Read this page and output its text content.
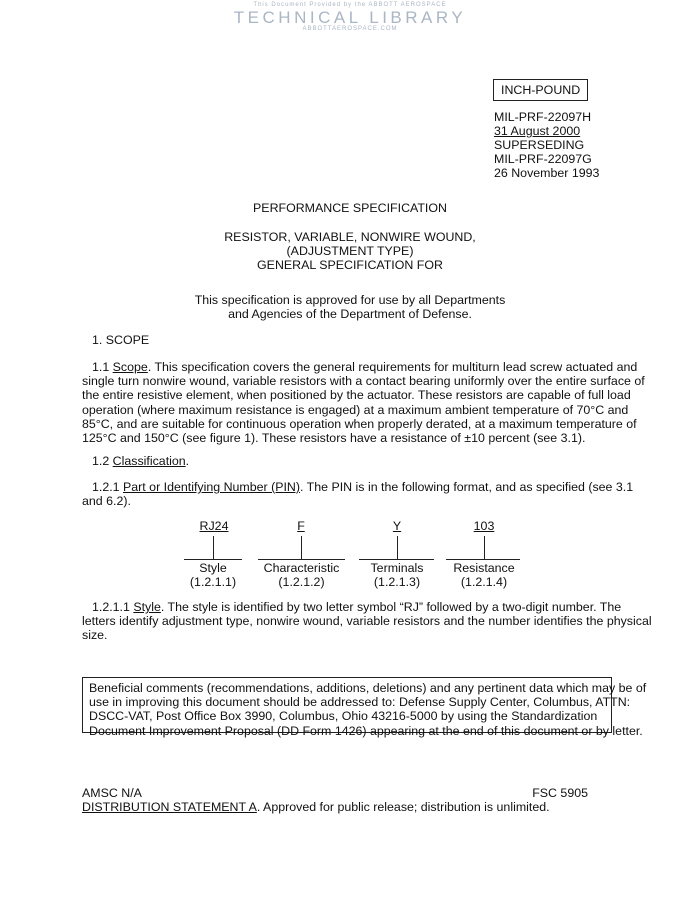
This Document Provided by the ABBOTT AEROSPACE
TECHNICAL LIBRARY
ABBOTTAEROSPACE.COM
INCH-POUND
MIL-PRF-22097H
31 August 2000
SUPERSEDING
MIL-PRF-22097G
26 November 1993
PERFORMANCE SPECIFICATION
RESISTOR, VARIABLE, NONWIRE WOUND,
(ADJUSTMENT TYPE)
GENERAL SPECIFICATION FOR
This specification is approved for use by all Departments
and Agencies of the Department of Defense.
1. SCOPE
1.1 Scope. This specification covers the general requirements for multiturn lead screw actuated and
single turn nonwire wound, variable resistors with a contact bearing uniformly over the entire surface of
the entire resistive element, when positioned by the actuator. These resistors are capable of full load
operation (where maximum resistance is engaged) at a maximum ambient temperature of 70°C and
85°C, and are suitable for continuous operation when properly derated, at a maximum temperature of
125°C and 150°C (see figure 1). These resistors have a resistance of ±10 percent (see 3.1).
1.2 Classification.
1.2.1 Part or Identifying Number (PIN). The PIN is in the following format, and as specified (see 3.1
and 6.2).
RJ24	F	Y	103
Style	Characteristic	Terminals	Resistance
(1.2.1.1)	(1.2.1.2)	(1.2.1.3)	(1.2.1.4)
1.2.1.1 Style. The style is identified by two letter symbol “RJ” followed by a two-digit number. The
letters identify adjustment type, nonwire wound, variable resistors and the number identifies the physical
size.
Beneficial comments (recommendations, additions, deletions) and any pertinent data which may be of
use in improving this document should be addressed to: Defense Supply Center, Columbus, ATTN:
DSCC-VAT, Post Office Box 3990, Columbus, Ohio 43216-5000 by using the Standardization
Document Improvement Proposal (DD Form 1426) appearing at the end of this document or by letter.
AMSC N/A	FSC 5905
DISTRIBUTION STATEMENT A. Approved for public release; distribution is unlimited.
